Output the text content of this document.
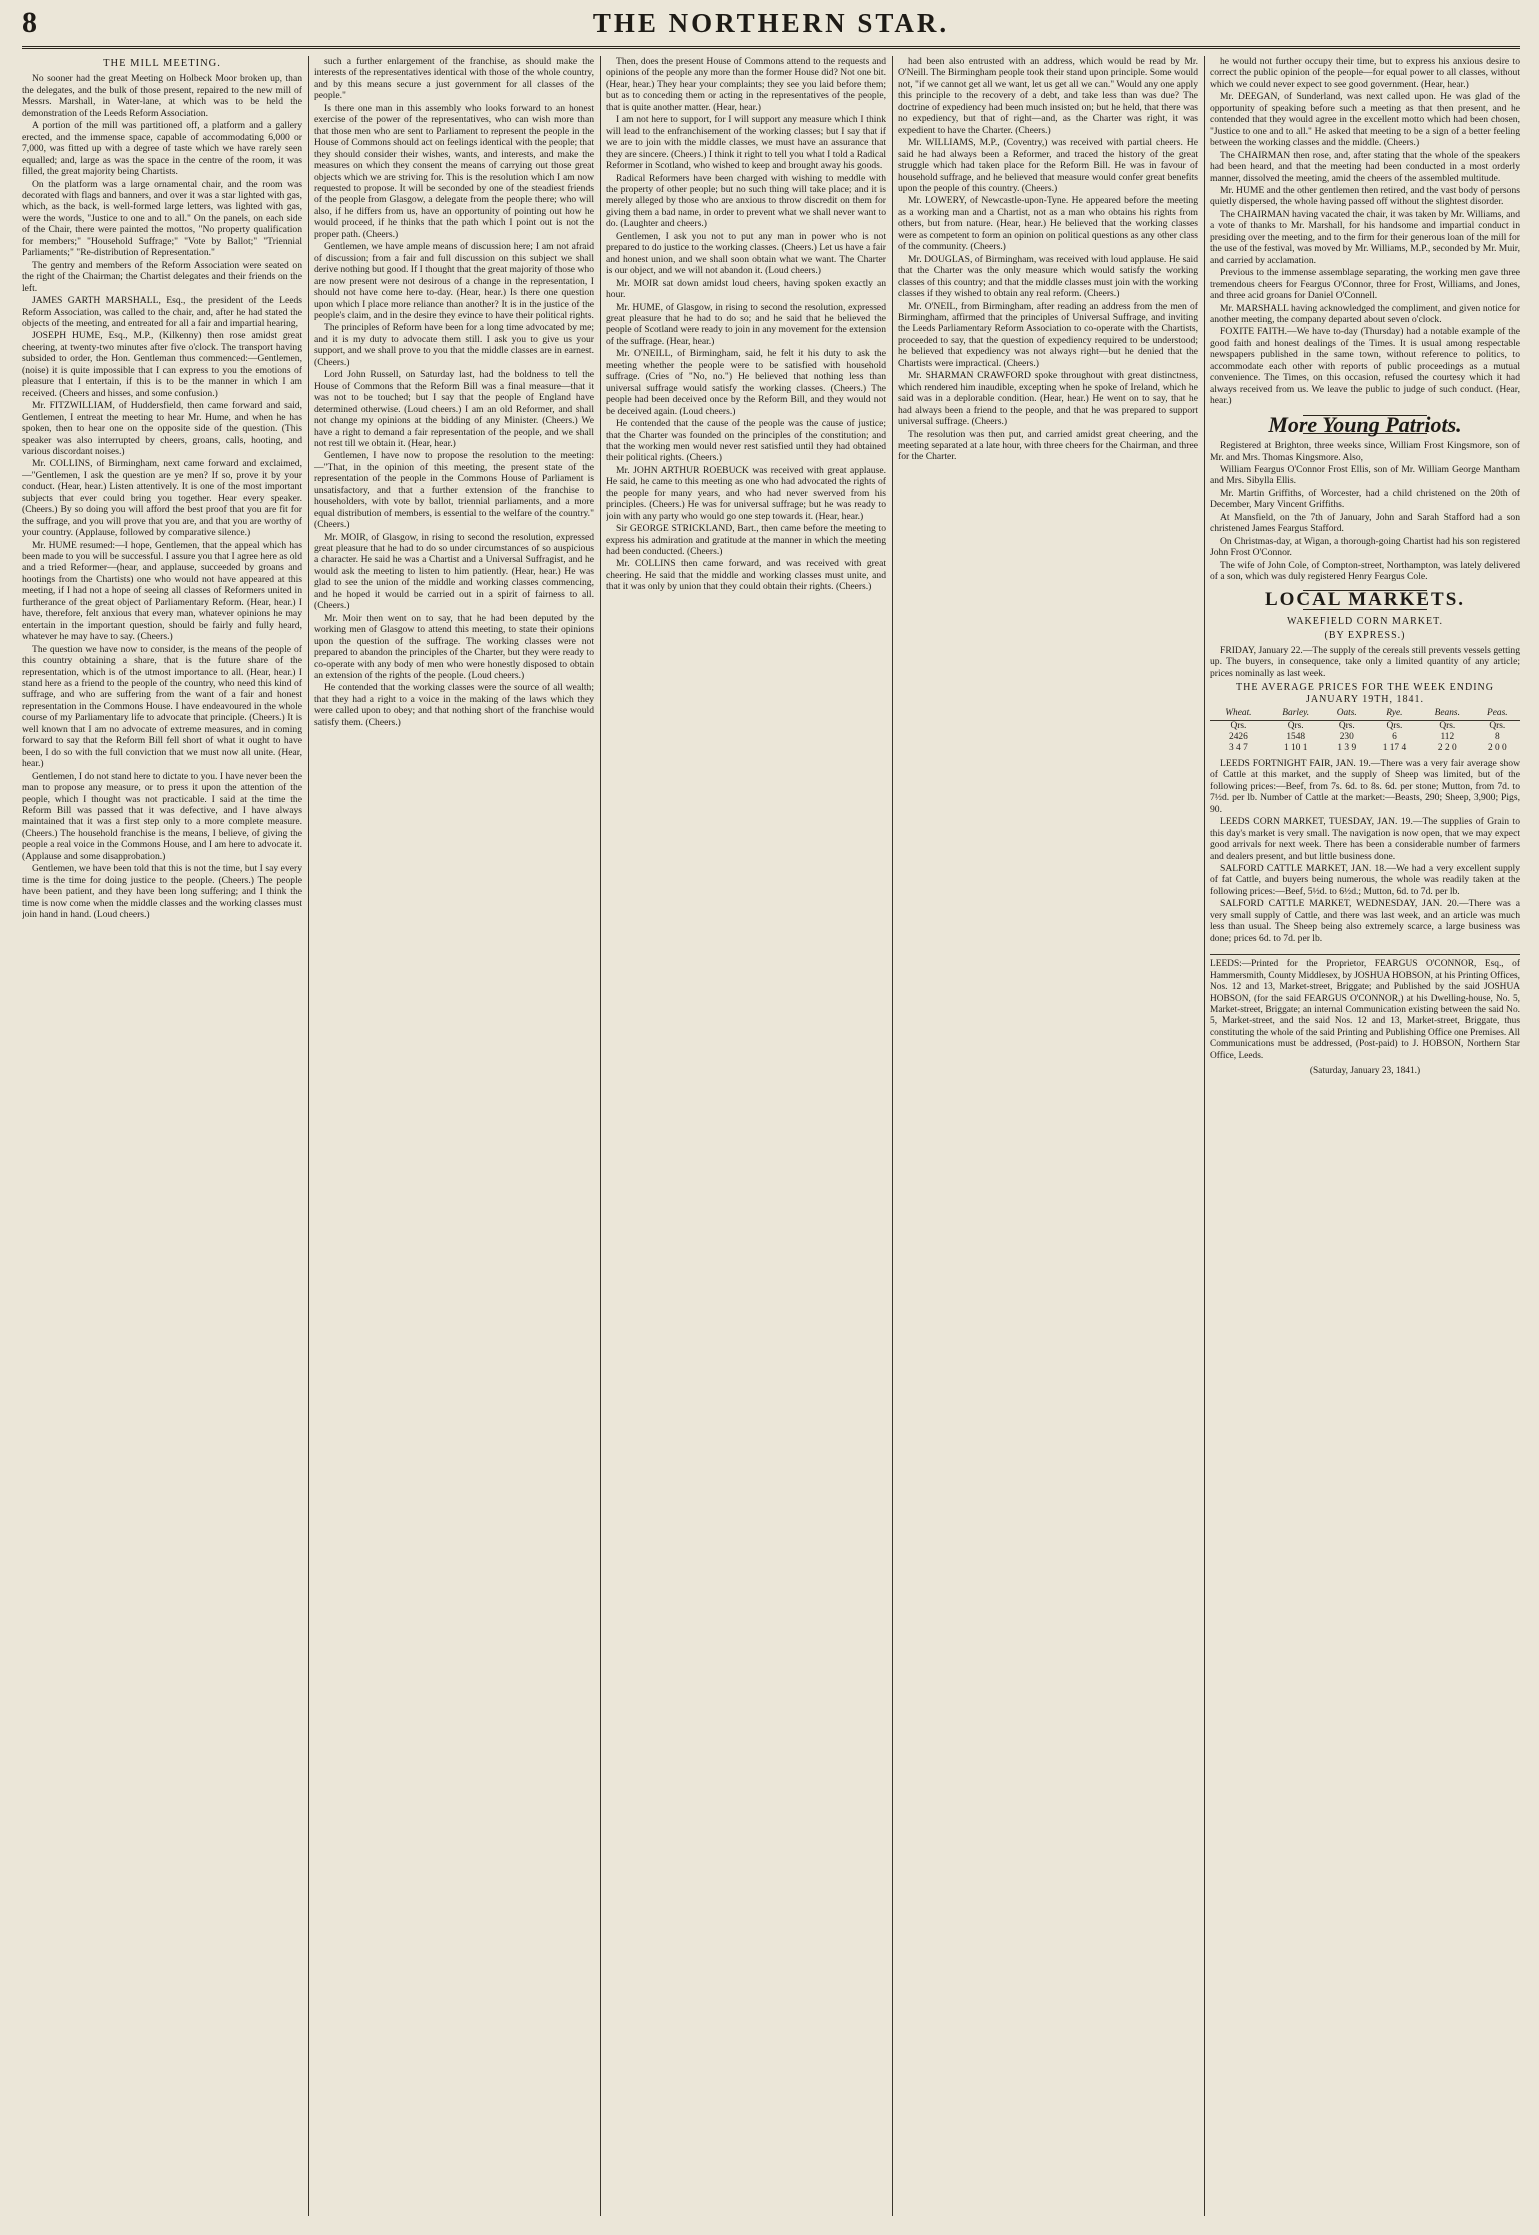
8	THE NORTHERN STAR.
THE MILL MEETING.

No sooner had the great Meeting on Holbeck Moor broken up, than the delegates, and the bulk of those present, repaired to the new mill of Messrs. Marshall, in Water-lane, at which was to be held the demonstration of the Leeds Reform Association.

A portion of the mill was partitioned off, a platform and a gallery erected, and the immense space, capable of accommodating 6,000 or 7,000, was fitted up with a degree of taste which we have rarely seen equalled; and, large as was the space in the centre of the room, it was filled, the great majority being Chartists.

On the platform was a large ornamental chair, and the room was decorated with flags and banners, and over it was a star lighted with gas, which, as the back, is well-formed large letters, was lighted with gas, were the words, "Justice to one and to all." On the panels, on each side of the Chair, there were painted the mottos, "No property qualification for members;" "Household Suffrage;" "Vote by Ballot;" "Triennial Parliaments;" "Re-distribution of Representation."

The gentry and members of the Reform Association were seated on the right of the Chairman; the Chartist delegates and their friends on the left.

JAMES GARTH MARSHALL, Esq., the president of the Leeds Reform Association, was called to the chair, and, after he had stated the objects of the meeting, and entreated for all a fair and impartial hearing,

JOSEPH HUME, Esq., M.P., (Kilkenny) then rose amidst great cheering, at twenty-two minutes after five o'clock. The transport having subsided to order, the Hon. Gentleman thus commenced:—Gentlemen, (noise) it is quite impossible that I can express to you the emotions of pleasure that I entertain, if this is to be the manner in which I am received. (Cheers and hisses, and some confusion.)

Mr. FITZWILLIAM, of Huddersfield, then came forward and said, Gentlemen, I entreat the meeting to hear Mr. Hume, and when he has spoken, then to hear one on the opposite side of the question. (This speaker was also interrupted by cheers, groans, calls, hooting, and various discordant noises.)

Mr. COLLINS, of Birmingham, next came forward and exclaimed,—"Gentlemen, I ask the question are ye men? If so, prove it by your conduct. (Hear, hear.) Listen attentively. It is one of the most important subjects that ever could bring you together. Hear every speaker. (Cheers.) By so doing you will afford the best proof that you are fit for the suffrage, and you will prove that you are, and that you are worthy of your country. (Applause, followed by comparative silence.)

Mr. HUME resumed:—I hope, Gentlemen, that the appeal which has been made to you will be successful. I assure you that I agree here as old and a tried Reformer—(hear, and applause, succeeded by groans and hootings from the Chartists) one who would not have appeared at this meeting, if I had not a hope of seeing all classes of Reformers united in furtherance of the great object of Parliamentary Reform. (Hear, hear.) I have, therefore, felt anxious that every man, whatever opinions he may entertain in the important question, should be fairly and fully heard, whatever he may have to say. (Cheers.)

The question we have now to consider, is the means of the people of this country obtaining a share, that is the future share of the representation, which is of the utmost importance to all. (Hear, hear.) I stand here as a friend to the people of the country, who need this kind of suffrage, and who are suffering from the want of a fair and honest representation in the Commons House. I have endeavoured in the whole course of my Parliamentary life to advocate that principle. (Cheers.) It is well known that I am no advocate of extreme measures, and in coming forward to say that the Reform Bill fell short of what it ought to have been, I do so with the full conviction that we must now all unite. (Hear, hear.)

Gentlemen, I do not stand here to dictate to you. I have never been the man to propose any measure, or to press it upon the attention of the people, which I thought was not practicable. I said at the time the Reform Bill was passed that it was defective, and I have always maintained that it was a first step only to a more complete measure. (Cheers.) The household franchise is the means, I believe, of giving the people a real voice in the Commons House, and I am here to advocate it. (Applause and some disapprobation.)

Gentlemen, we have been told that this is not the time, but I say every time is the time for doing justice to the people. (Cheers.) The people have been patient, and they have been long suffering; and I think the time is now come when the middle classes and the working classes must join hand in hand. (Loud cheers.)

such a further enlargement of the franchise, as should make the interests of the representatives identical with those of the whole country, and by this means secure a just government for all classes of the people."

Is there one man in this assembly who looks forward to an honest exercise of the power of the representatives, who can wish more than that those men who are sent to Parliament to represent the people in the House of Commons should act on feelings identical with the people; that they should consider their wishes, wants, and interests, and make the measures on which they consent the means of carrying out those great objects which we are striving for. This is the resolution which I am now requested to propose. It will be seconded by one of the steadiest friends of the people from Glasgow, a delegate from the people there; who will also, if he differs from us, have an opportunity of pointing out how he would proceed, if he thinks that the path which I point out is not the proper path. (Cheers.)

Gentlemen, we have ample means of discussion here; I am not afraid of discussion; from a fair and full discussion on this subject we shall derive nothing but good. If I thought that the great majority of those who are now present were not desirous of a change in the representation, I should not have come here to-day. (Hear, hear.) Is there one question upon which I place more reliance than another? It is in the justice of the people's claim, and in the desire they evince to have their political rights.

The principles of Reform have been for a long time advocated by me; and it is my duty to advocate them still. I ask you to give us your support, and we shall prove to you that the middle classes are in earnest. (Cheers.)

Lord John Russell, on Saturday last, had the boldness to tell the House of Commons that the Reform Bill was a final measure—that it was not to be touched; but I say that the people of England have determined otherwise. (Loud cheers.) I am an old Reformer, and shall not change my opinions at the bidding of any Minister. (Cheers.) We have a right to demand a fair representation of the people, and we shall not rest till we obtain it. (Hear, hear.)

Gentlemen, I have now to propose the resolution to the meeting:—"That, in the opinion of this meeting, the present state of the representation of the people in the Commons House of Parliament is unsatisfactory, and that a further extension of the franchise to householders, with vote by ballot, triennial parliaments, and a more equal distribution of members, is essential to the welfare of the country." (Cheers.)

Mr. MOIR, of Glasgow, in rising to second the resolution, expressed great pleasure that he had to do so under circumstances of so auspicious a character. He said he was a Chartist and a Universal Suffragist, and he would ask the meeting to listen to him patiently. (Hear, hear.) He was glad to see the union of the middle and working classes commencing, and he hoped it would be carried out in a spirit of fairness to all. (Cheers.)

Mr. Moir then went on to say, that he had been deputed by the working men of Glasgow to attend this meeting, to state their opinions upon the question of the suffrage. The working classes were not prepared to abandon the principles of the Charter, but they were ready to co-operate with any body of men who were honestly disposed to obtain an extension of the rights of the people. (Loud cheers.)

He contended that the working classes were the source of all wealth; that they had a right to a voice in the making of the laws which they were called upon to obey; and that nothing short of the franchise would satisfy them. (Cheers.)

Then, does the present House of Commons attend to the requests and opinions of the people any more than the former House did? Not one bit. (Hear, hear.) They hear your complaints; they see you laid before them; but as to conceding them or acting in the representatives of the people, that is quite another matter. (Hear, hear.)

I am not here to support, for I will support any measure which I think will lead to the enfranchisement of the working classes; but I say that if we are to join with the middle classes, we must have an assurance that they are sincere. (Cheers.) I think it right to tell you what I told a Radical Reformer in Scotland, who wished to keep and brought away his goods.

Radical Reformers have been charged with wishing to meddle with the property of other people; but no such thing will take place; and it is merely alleged by those who are anxious to throw discredit on them for giving them a bad name, in order to prevent what we shall never want to do. (Laughter and cheers.)

Gentlemen, I ask you not to put any man in power who is not prepared to do justice to the working classes. (Cheers.) Let us have a fair and honest union, and we shall soon obtain what we want. The Charter is our object, and we will not abandon it. (Loud cheers.)

Mr. MOIR sat down amidst loud cheers, having spoken exactly an hour.

Mr. HUME, of Glasgow, in rising to second the resolution, expressed great pleasure that he had to do so; and he said that he believed the people of Scotland were ready to join in any movement for the extension of the suffrage. (Hear, hear.)

Mr. O'NEILL, of Birmingham, said, he felt it his duty to ask the meeting whether the people were to be satisfied with household suffrage. (Cries of "No, no.") He believed that nothing less than universal suffrage would satisfy the working classes. (Cheers.) The people had been deceived once by the Reform Bill, and they would not be deceived again. (Loud cheers.)

He contended that the cause of the people was the cause of justice; that the Charter was founded on the principles of the constitution; and that the working men would never rest satisfied until they had obtained their political rights. (Cheers.)

Mr. JOHN ARTHUR ROEBUCK was received with great applause. He said, he came to this meeting as one who had advocated the rights of the people for many years, and who had never swerved from his principles. (Cheers.) He was for universal suffrage; but he was ready to join with any party who would go one step towards it. (Hear, hear.)

Sir GEORGE STRICKLAND, Bart., then came before the meeting to express his admiration and gratitude at the manner in which the meeting had been conducted. (Cheers.)

Mr. COLLINS then came forward, and was received with great cheering. He said that the middle and working classes must unite, and that it was only by union that they could obtain their rights. (Cheers.)

had been also entrusted with an address, which would be read by Mr. O'Neill. The Birmingham people took their stand upon principle. Some would not, "if we cannot get all we want, let us get all we can." Would any one apply this principle to the recovery of a debt, and take less than was due? The doctrine of expediency had been much insisted on; but he held, that there was no expediency, but that of right—and, as the Charter was right, it was expedient to have the Charter. (Cheers.)

Mr. WILLIAMS, M.P., (Coventry,) was received with partial cheers. He said he had always been a Reformer, and traced the history of the great struggle which had taken place for the Reform Bill. He was in favour of household suffrage, and he believed that measure would confer great benefits upon the people of this country. (Cheers.)

Mr. LOWERY, of Newcastle-upon-Tyne. He appeared before the meeting as a working man and a Chartist, not as a man who obtains his rights from others, but from nature. (Hear, hear.) He believed that the working classes were as competent to form an opinion on political questions as any other class of the community. (Cheers.)

Mr. DOUGLAS, of Birmingham, was received with loud applause. He said that the Charter was the only measure which would satisfy the working classes of this country; and that the middle classes must join with the working classes if they wished to obtain any real reform. (Cheers.)

Mr. O'NEIL, from Birmingham, after reading an address from the men of Birmingham, affirmed that the principles of Universal Suffrage, and inviting the Leeds Parliamentary Reform Association to co-operate with the Chartists, proceeded to say, that the question of expediency required to be understood; he believed that expediency was not always right—but he denied that the Chartists were impractical. (Cheers.)

Mr. SHARMAN CRAWFORD spoke throughout with great distinctness, which rendered him inaudible, excepting when he spoke of Ireland, which he said was in a deplorable condition. (Hear, hear.) He went on to say, that he had always been a friend to the people, and that he was prepared to support universal suffrage. (Cheers.)

The resolution was then put, and carried amidst great cheering, and the meeting separated at a late hour, with three cheers for the Chairman, and three for the Charter.

he would not further occupy their time, but to express his anxious desire to correct the public opinion of the people—for equal power to all classes, without which we could never expect to see good government. (Hear, hear.)

Mr. DEEGAN, of Sunderland, was next called upon. He was glad of the opportunity of speaking before such a meeting as that then present, and he contended that they would agree in the excellent motto which had been chosen, "Justice to one and to all." He asked that meeting to be a sign of a better feeling between the working classes and the middle. (Cheers.)

The CHAIRMAN then rose, and, after stating that the whole of the speakers had been heard, and that the meeting had been conducted in a most orderly manner, dissolved the meeting, amid the cheers of the assembled multitude.

Mr. HUME and the other gentlemen then retired, and the vast body of persons quietly dispersed, the whole having passed off without the slightest disorder.

The CHAIRMAN having vacated the chair, it was taken by Mr. Williams, and a vote of thanks to Mr. Marshall, for his handsome and impartial conduct in presiding over the meeting, and to the firm for their generous loan of the mill for the use of the festival, was moved by Mr. Williams, M.P., seconded by Mr. Muir, and carried by acclamation.

Previous to the immense assemblage separating, the working men gave three tremendous cheers for Feargus O'Connor, three for Frost, Williams, and Jones, and three acid groans for Daniel O'Connell.

Mr. MARSHALL having acknowledged the compliment, and given notice for another meeting, the company departed about seven o'clock.

FOXITE FAITH.—We have to-day (Thursday) had a notable example of the good faith and honest dealings of the Times. It is usual among respectable newspapers published in the same town, without reference to politics, to accommodate each other with reports of public proceedings as a mutual convenience. The Times, on this occasion, refused the courtesy which it had always received from us. We leave the public to judge of such conduct. (Hear, hear.)

More Young Patriots.

Registered at Brighton, three weeks since, William Frost Kingsmore, son of Mr. and Mrs. Thomas Kingsmore. Also,

William Feargus O'Connor Frost Ellis, son of Mr. William George Mantham and Mrs. Sibylla Ellis.

Mr. Martin Griffiths, of Worcester, had a child christened on the 20th of December, Mary Vincent Griffiths.

At Mansfield, on the 7th of January, John and Sarah Stafford had a son christened James Feargus Stafford.

On Christmas-day, at Wigan, a thorough-going Chartist had his son registered John Frost O'Connor.

The wife of John Cole, of Compton-street, Northampton, was lately delivered of a son, which was duly registered Henry Feargus Cole.

LOCAL MARKETS.
WAKEFIELD CORN MARKET.
(BY EXPRESS.)

FRIDAY, January 22.—The supply of the cereals still prevents vessels getting up. The buyers, in consequence, take only a limited quantity of any article; prices nominally as last week.

THE AVERAGE PRICES FOR THE WEEK ENDING JANUARY 19TH, 1841.
Wheat.	Barley.	Oats.	Rye.	Beans.	Peas.
Qrs.	Qrs.	Qrs.	Qrs.	Qrs.	Qrs.
2426	1548	230	6	112	8
3 4 7	1 10 1	1 3 9	1 17 4	2 2 0	2 0 0

LEEDS FORTNIGHT FAIR, JAN. 19.—There was a very fair average show of Cattle at this market, and the supply of Sheep was limited, but of the following prices:—Beef, from 7s. 6d. to 8s. 6d. per stone; Mutton, from 7d. to 7½d. per lb. Number of Cattle at the market:—Beasts, 290; Sheep, 3,900; Pigs, 90.

LEEDS CORN MARKET, TUESDAY, JAN. 19.—The supplies of Grain to this day's market is very small. The navigation is now open, that we may expect good arrivals for next week. There has been a considerable number of farmers and dealers present, and but little business done.

SALFORD CATTLE MARKET, JAN. 18.—We had a very excellent supply of fat Cattle, and buyers being numerous, the whole was readily taken at the following prices:—Beef, 5½d. to 6½d.; Mutton, 6d. to 7d. per lb.

SALFORD CATTLE MARKET, WEDNESDAY, JAN. 20.—There was a very small supply of Cattle, and there was last week, and an article was much less than usual. The Sheep being also extremely scarce, a large business was done; prices 6d. to 7d. per lb.

LEEDS:—Printed for the Proprietor, FEARGUS O'CONNOR, Esq., of Hammersmith, County Middlesex, by JOSHUA HOBSON, at his Printing Offices, Nos. 12 and 13, Market-street, Briggate; and Published by the said JOSHUA HOBSON, (for the said FEARGUS O'CONNOR,) at his Dwelling-house, No. 5, Market-street, Briggate; an internal Communication existing between the said No. 5, Market-street, and the said Nos. 12 and 13, Market-street, Briggate, thus constituting the whole of the said Printing and Publishing Office one Premises. All Communications must be addressed, (Post-paid) to J. HOBSON, Northern Star Office, Leeds.
(Saturday, January 23, 1841.)
